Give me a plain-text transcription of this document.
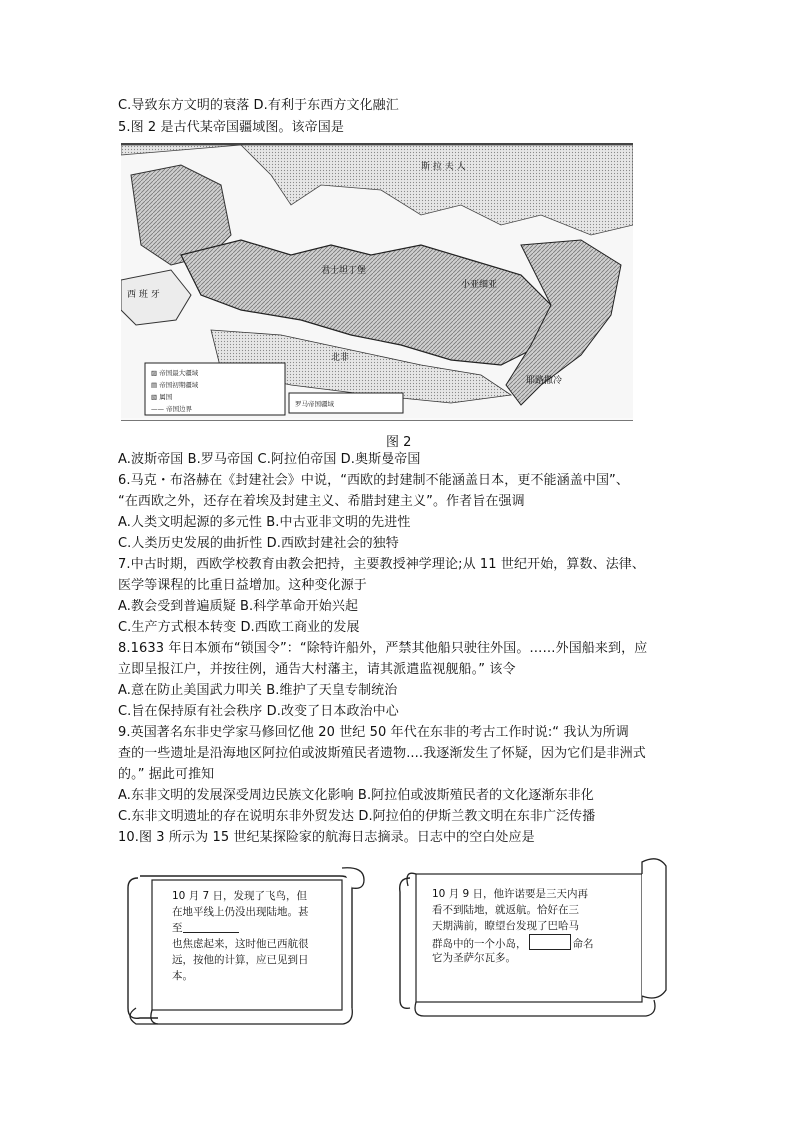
C.导致东方文明的衰落 D.有利于东西方文化融汇
5.图 2 是古代某帝国疆域图。该帝国是
斯 拉 夫 人
西 班 牙
君士坦丁堡
小亚细亚
耶路撒冷
北非
▨ 帝国最大疆域
▤ 帝国初期疆域
▧ 属国
—— 帝国边界
罗马帝国疆域
图 2
A.波斯帝国 B.罗马帝国 C.阿拉伯帝国 D.奥斯曼帝国
6.马克・布洛赫在《封建社会》中说，“西欧的封建制不能涵盖日本，更不能涵盖中国”、
“在西欧之外，还存在着埃及封建主义、希腊封建主义”。作者旨在强调
A.人类文明起源的多元性 B.中古亚非文明的先进性
C.人类历史发展的曲折性 D.西欧封建社会的独特
7.中古时期，西欧学校教育由教会把持，主要教授神学理论;从 11 世纪开始，算数、法律、
医学等课程的比重日益增加。这种变化源于
A.教会受到普遍质疑 B.科学革命开始兴起
C.生产方式根本转变 D.西欧工商业的发展
8.1633 年日本颁布“锁国令”：“除特许船外，严禁其他船只驶往外国。……外国船来到，应
立即呈报江户，并按往例，通告大村藩主，请其派遣监视舰船。” 该令
A.意在防止美国武力叩关 B.维护了天皇专制统治
C.旨在保持原有社会秩序 D.改变了日本政治中心
9.英国著名东非史学家马修回忆他 20 世纪 50 年代在东非的考古工作时说:“ 我认为所调
查的一些遗址是沿海地区阿拉伯或波斯殖民者遗物....我逐渐发生了怀疑，因为它们是非洲式
的。” 据此可推知
A.东非文明的发展深受周边民族文化影响 B.阿拉伯或波斯殖民者的文化逐渐东非化
C.东非文明遗址的存在说明东非外贸发达 D.阿拉伯的伊斯兰教文明在东非广泛传播
10.图 3 所示为 15 世纪某探险家的航海日志摘录。日志中的空白处应是
10 月 7 日，发现了飞鸟，但
在地平线上仍没出现陆地。甚
至
也焦虑起来，这时他已西航很
远，按他的计算，应已见到日
本。
10 月 9 日，他许诺要是三天内再
看不到陆地，就返航。恰好在三
天期满前，瞭望台发现了巴哈马
群岛中的一个小岛，	命名
它为圣萨尔瓦多。
